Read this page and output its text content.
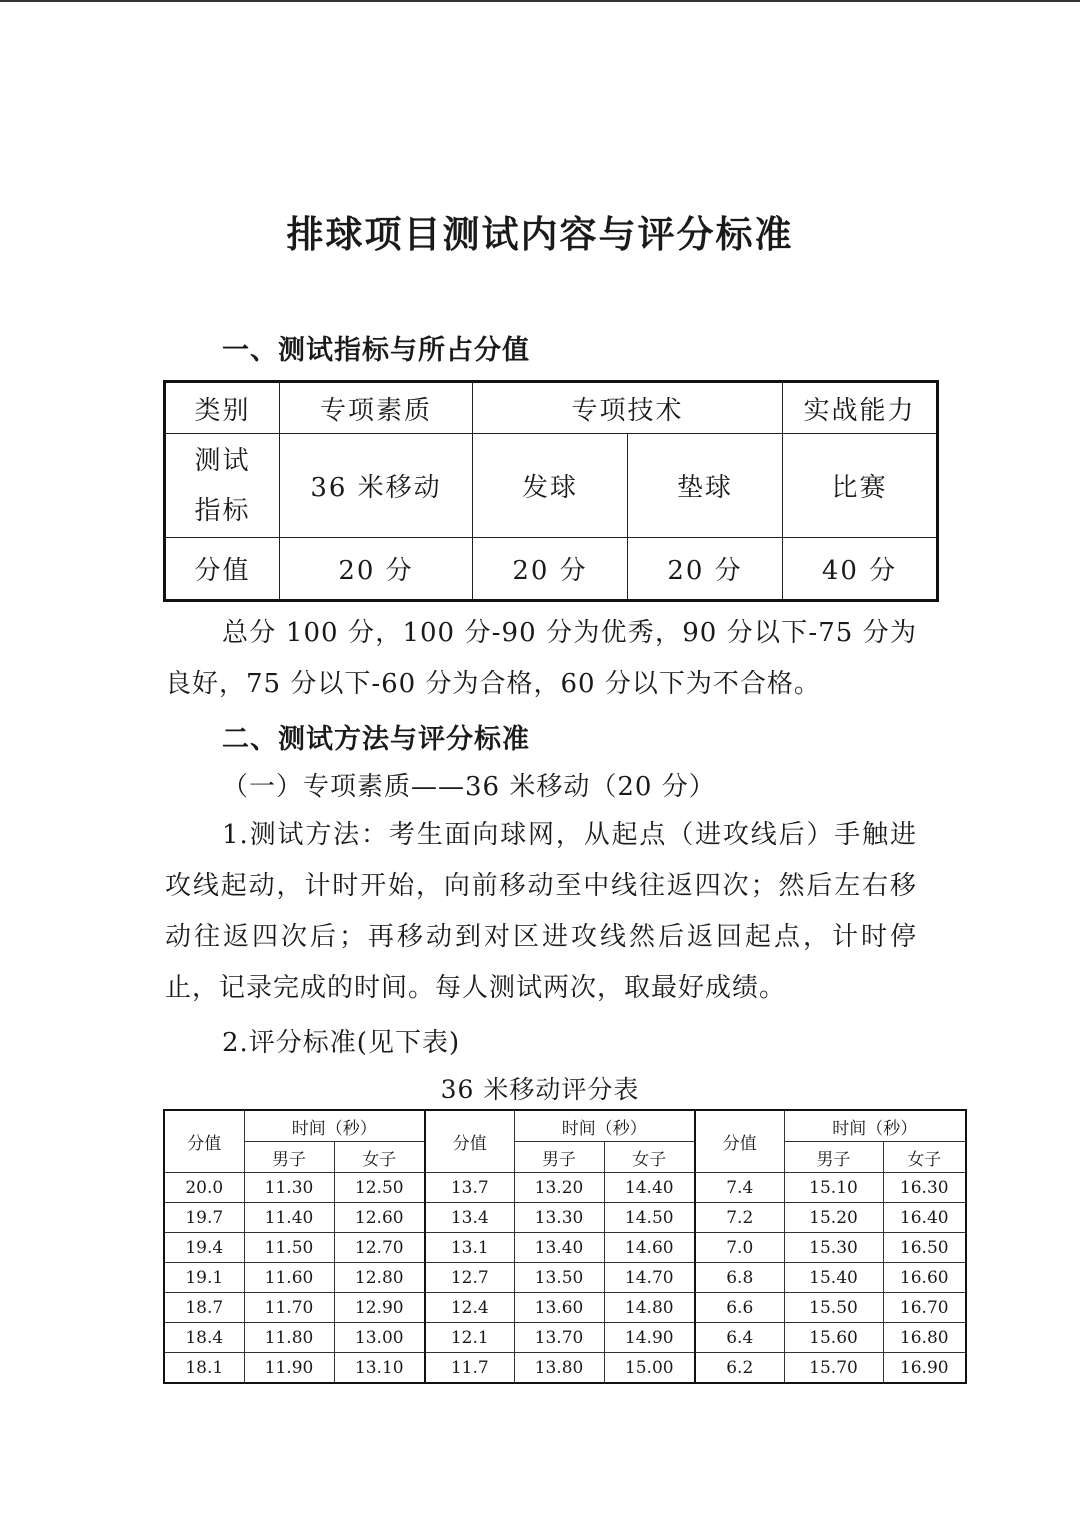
排球项目测试内容与评分标准
一、测试指标与所占分值
类别	专项素质	专项技术		实战能力

测试
指标	36 米移动	发球	垫球	比赛
分值	20 分	20 分	20 分	40 分
总分 100 分，100 分-90 分为优秀，90 分以下-75 分为良好，75 分以下-60 分为合格，60 分以下为不合格。
二、测试方法与评分标准
（一）专项素质——36 米移动（20 分）
1.测试方法：考生面向球网，从起点（进攻线后）手触进攻线起动，计时开始，向前移动至中线往返四次；然后左右移动往返四次后；再移动到对区进攻线然后返回起点，计时停止，记录完成的时间。每人测试两次，取最好成绩。
2.评分标准(见下表)
36 米移动评分表
分值	时间（秒）		分值	时间（秒）		分值	时间（秒）	
	男子	女子		男子	女子		男子	女子
20.0	11.30	12.50	13.7	13.20	14.40	7.4	15.10	16.30
19.7	11.40	12.60	13.4	13.30	14.50	7.2	15.20	16.40
19.4	11.50	12.70	13.1	13.40	14.60	7.0	15.30	16.50
19.1	11.60	12.80	12.7	13.50	14.70	6.8	15.40	16.60
18.7	11.70	12.90	12.4	13.60	14.80	6.6	15.50	16.70
18.4	11.80	13.00	12.1	13.70	14.90	6.4	15.60	16.80
18.1	11.90	13.10	11.7	13.80	15.00	6.2	15.70	16.90
